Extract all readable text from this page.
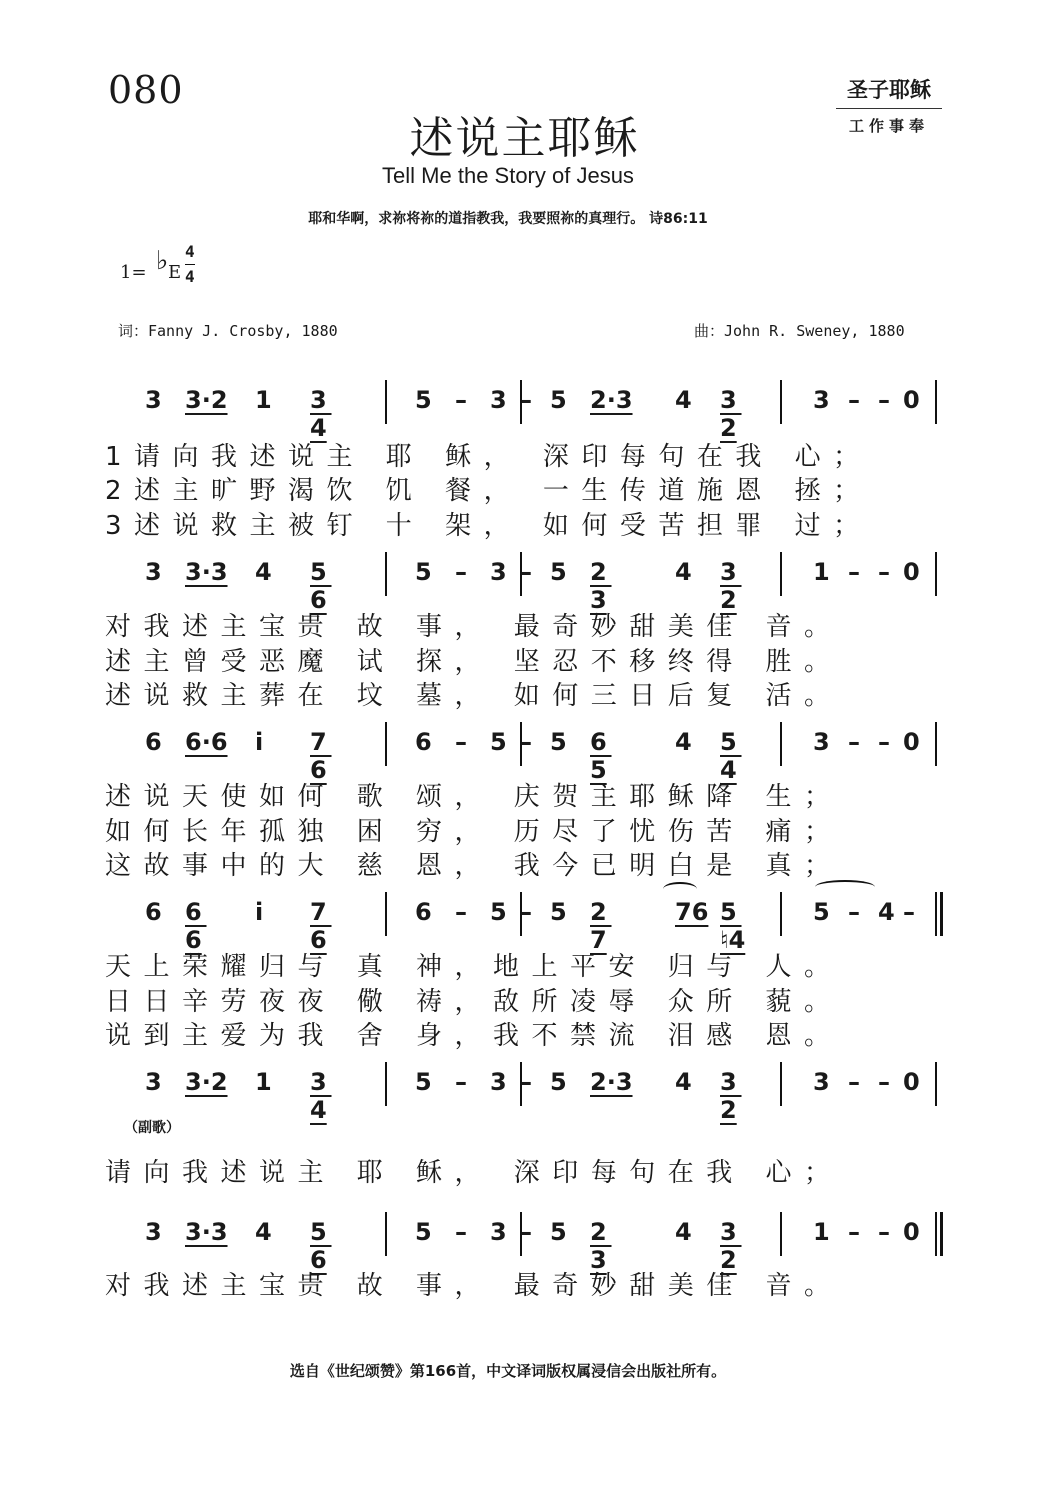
080	圣子耶稣
工作事奉
述说主耶稣
Tell Me the Story of Jesus
耶和华啊，求祢将祢的道指教我，我要照祢的真理行。 诗86:11
1= ♭ E
4
4
词：Fanny J. Crosby, 1880	曲：John R. Sweney, 1880
3 3·2 1 3 4
5 – 3 – 5 2·3 4 3 2
3 – – 0
1请向我述说主 耶 稣， 深印每句在我 心；
2述主旷野渴饮 饥 餐， 一生传道施恩 拯；
3述说救主被钉 十 架， 如何受苦担罪 过；
3 3·3 4 5 6
5 – 3 – 5 2 3
4 3 2
1 – – 0
对我述主宝贵 故 事， 最奇妙甜美佳 音。
述主曾受恶魔 试 探， 坚忍不移终得 胜。
述说救主葬在 坟 墓， 如何三日后复 活。
6 6·6 i̇ 7 6
6 – 5 – 5 6 5
4 5 4
3 – – 0
述说天使如何 歌 颂， 庆贺主耶稣降 生；
如何长年孤独 困 穷， 历尽了忧伤苦 痛；
这故事中的大 慈 恩， 我今已明白是 真；
6 6 6
i̇ 7 6
6 – 5 – 5 2 7
76 5 ♮4
5 – 4 –
天上荣耀归与 真 神，地上平安 归与 人。
日日辛劳夜夜 儆 祷，敌所凌辱 众所 藐。
说到主爱为我 舍 身，我不禁流 泪感 恩。
3 3·2 1 3 4
5 – 3 – 5 2·3 4 3 2
3 – – 0
请向我述说主 耶 稣， 深印每句在我 心；
3 3·3 4 5 6
5 – 3 – 5 2 3
4 3 2
1 – – 0
对我述主宝贵 故 事， 最奇妙甜美佳 音。
（副歌）
选自《世纪颂赞》第166首，中文译词版权属浸信会出版社所有。
